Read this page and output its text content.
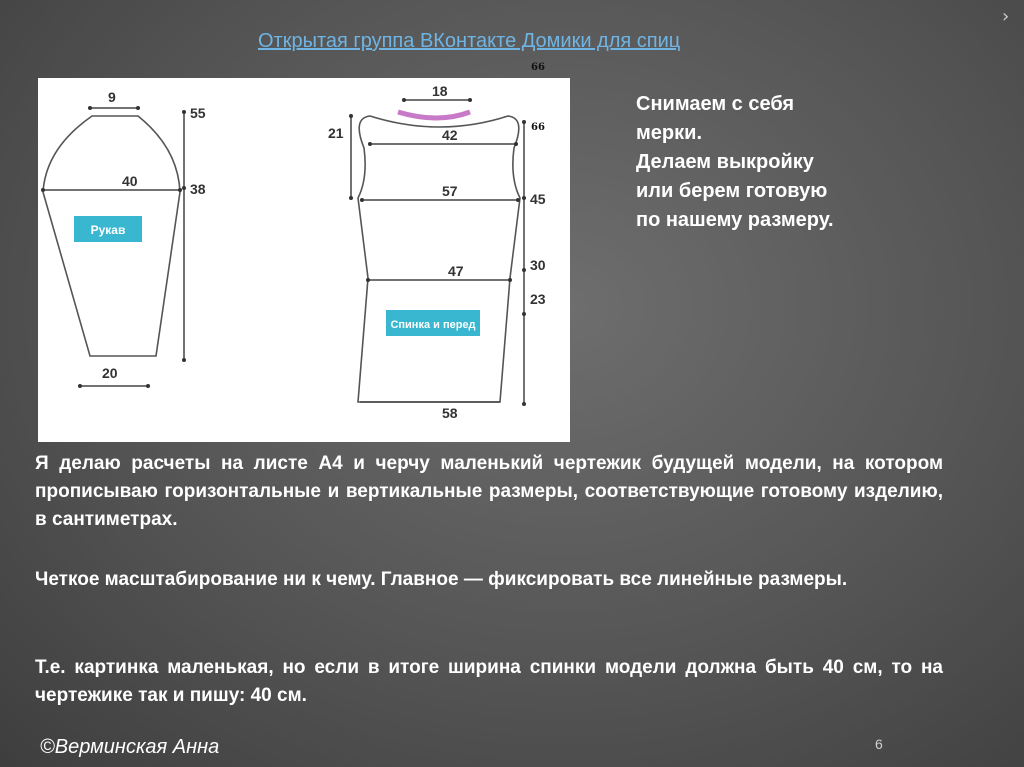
›
Открытая группа ВКонтакте Домики для спиц
66
9
40
20
55
38
Рукав
18
42
57
47
58
21
45
30
23
Спинка и перед
66
Снимаем с себя
мерки.
Делаем выкройку
или берем готовую
по нашему размеру.
Я делаю расчеты на листе А4 и черчу маленький чертежик будущей модели, на котором прописываю горизонтальные и вертикальные размеры, соответствующие готовому изделию, в сантиметрах.
Четкое масштабирование ни к чему. Главное — фиксировать все линейные размеры.
Т.е. картинка маленькая, но если в итоге ширина спинки модели должна быть 40 см, то на чертежике так и пишу: 40 см.
©Верминская Анна	6
